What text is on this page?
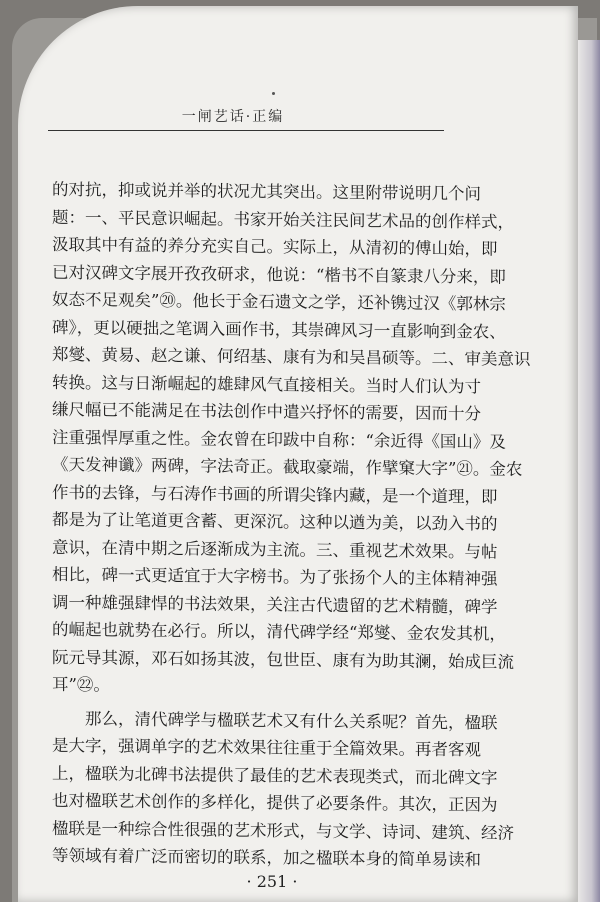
一闸艺话·正编
的对抗，抑或说并举的状况尤其突出。这里附带说明几个问
题：一、平民意识崛起。书家开始关注民间艺术品的创作样式，
汲取其中有益的养分充实自己。实际上，从清初的傅山始，即
已对汉碑文字展开孜孜研求，他说：“楷书不自篆隶八分来，即
奴态不足观矣”⑳。他长于金石遗文之学，还补镌过汉《郭林宗
碑》，更以硬拙之笔调入画作书，其崇碑风习一直影响到金农、
郑燮、黄易、赵之谦、何绍基、康有为和吴昌硕等。二、审美意识
转换。这与日渐崛起的雄肆风气直接相关。当时人们认为寸
缣尺幅已不能满足在书法创作中遣兴抒怀的需要，因而十分
注重强悍厚重之性。金农曾在印跋中自称：“余近得《国山》及
《天发神谶》两碑，字法奇正。截取豪端，作擘窠大字”㉑。金农
作书的去锋，与石涛作书画的所谓尖锋内藏，是一个道理，即
都是为了让笔道更含蓄、更深沉。这种以遒为美，以劲入书的
意识，在清中期之后逐渐成为主流。三、重视艺术效果。与帖
相比，碑一式更适宜于大字榜书。为了张扬个人的主体精神强
调一种雄强肆悍的书法效果，关注古代遗留的艺术精髓，碑学
的崛起也就势在必行。所以，清代碑学经“郑燮、金农发其机，
阮元导其源，邓石如扬其波，包世臣、康有为助其澜，始成巨流
耳”㉒。
那么，清代碑学与楹联艺术又有什么关系呢？首先，楹联
是大字，强调单字的艺术效果往往重于全篇效果。再者客观
上，楹联为北碑书法提供了最佳的艺术表现类式，而北碑文字
也对楹联艺术创作的多样化，提供了必要条件。其次，正因为
楹联是一种综合性很强的艺术形式，与文学、诗词、建筑、经济
等领域有着广泛而密切的联系，加之楹联本身的简单易读和
· 251 ·
